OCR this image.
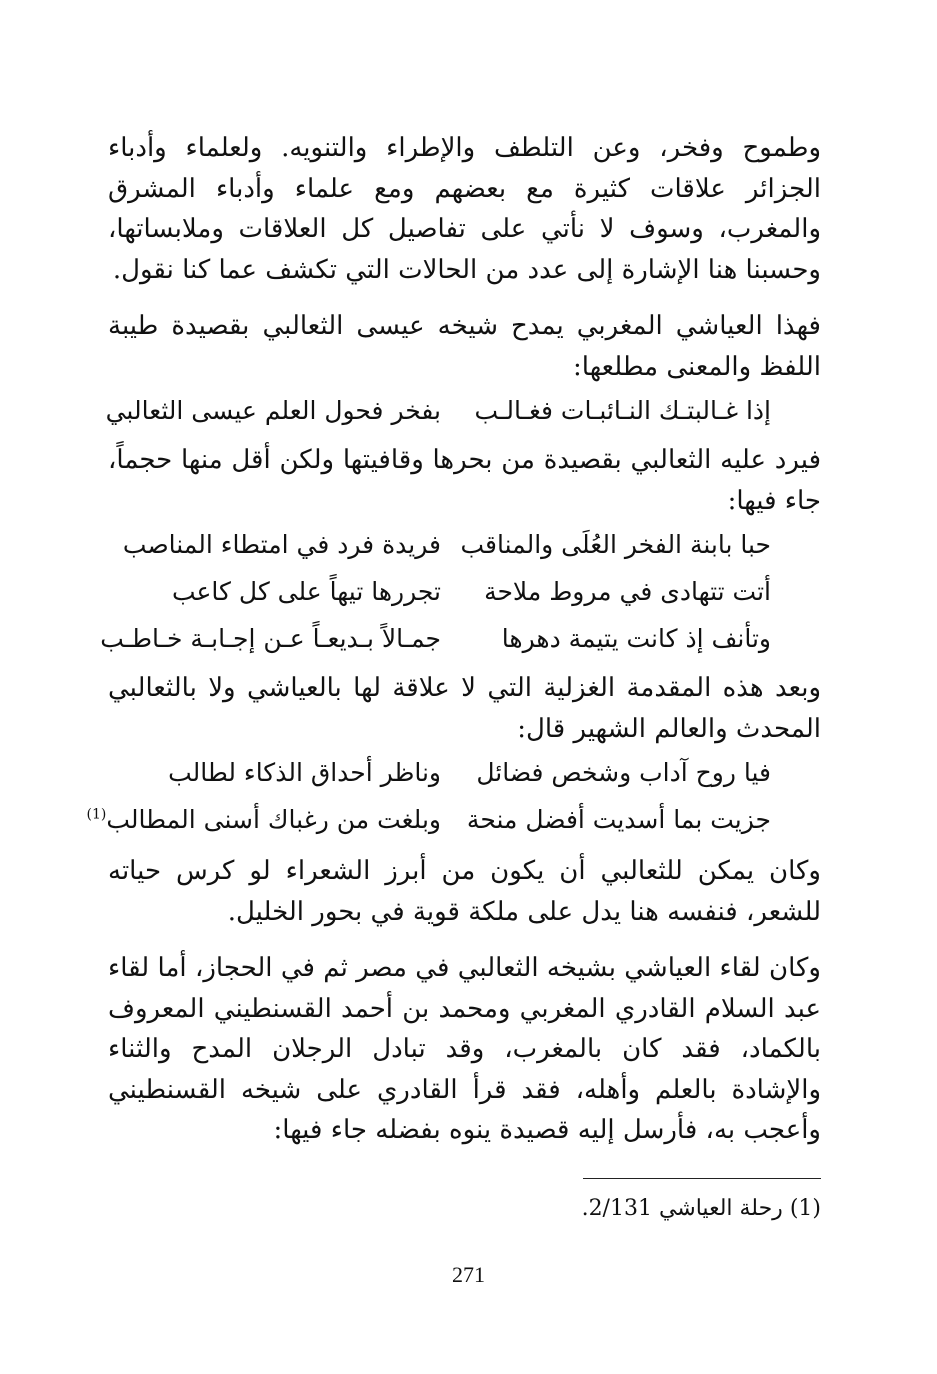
وطموح وفخر، وعن التلطف والإطراء والتنويه. ولعلماء وأدباء الجزائر علاقات كثيرة مع بعضهم ومع علماء وأدباء المشرق والمغرب، وسوف لا نأتي على تفاصيل كل العلاقات وملابساتها، وحسبنا هنا الإشارة إلى عدد من الحالات التي تكشف عما كنا نقول.

فهذا العياشي المغربي يمدح شيخه عيسى الثعالبي بقصيدة طيبة اللفظ والمعنى مطلعها:

إذا غـالبتـك النـائبـات فغـالـب
بفخر فحول العلم عيسى الثعالبي

فيرد عليه الثعالبي بقصيدة من بحرها وقافيتها ولكن أقل منها حجماً، جاء فيها:

حبا بابنة الفخر العُلَى والمناقب
فريدة فرد في امتطاء المناصب
أتت تتهادى في مروط ملاحة
تجررها تيهاً على كل كاعب
وتأنف إذ كانت يتيمة دهرها
جمـالاً بـديعـاً عـن إجـابـة خـاطـب

وبعد هذه المقدمة الغزلية التي لا علاقة لها بالعياشي ولا بالثعالبي المحدث والعالم الشهير قال:

فيا روح آداب وشخص فضائل
وناظر أحداق الذكاء لطالب
جزيت بما أسديت أفضل منحة
وبلغت من رغباك أسنى المطالب$^{(1)}$

وكان يمكن للثعالبي أن يكون من أبرز الشعراء لو كرس حياته للشعر، فنفسه هنا يدل على ملكة قوية في بحور الخليل.

وكان لقاء العياشي بشيخه الثعالبي في مصر ثم في الحجاز، أما لقاء عبد السلام القادري المغربي ومحمد بن أحمد القسنطيني المعروف بالكماد، فقد كان بالمغرب، وقد تبادل الرجلان المدح والثناء والإشادة بالعلم وأهله، فقد قرأ القادري على شيخه القسنطيني وأعجب به، فأرسل إليه قصيدة ينوه بفضله جاء فيها:

(1) رحلة العياشي 2/131.
271
